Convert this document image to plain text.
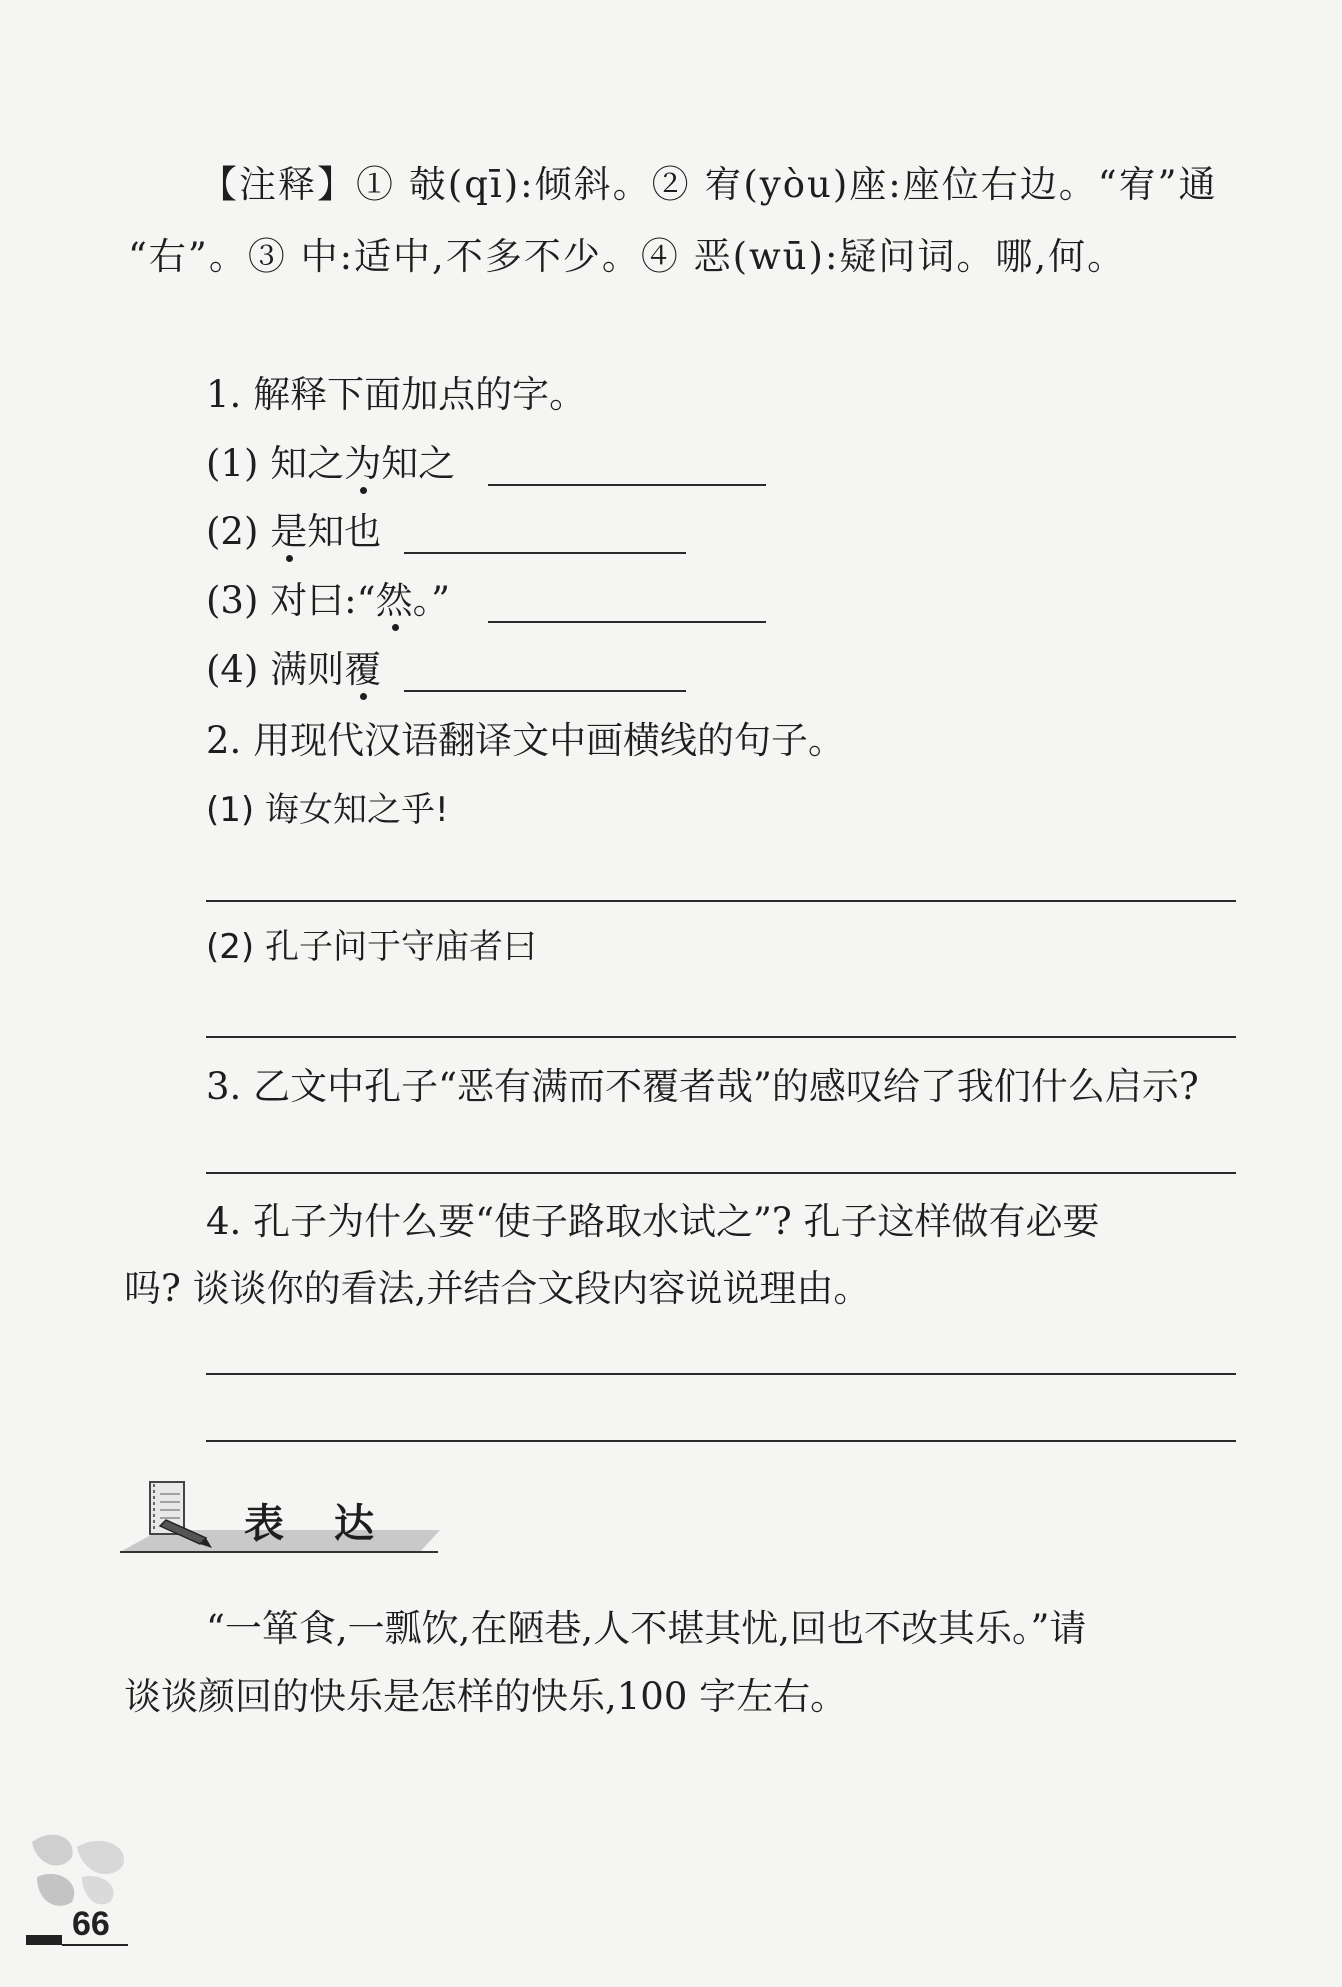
【注释】① 攲(qī):倾斜。② 宥(yòu)座:座位右边。“宥”通
“右”。③ 中:适中,不多不少。④ 恶(wū):疑问词。哪,何。
1. 解释下面加点的字。
(1) 知之为
知之
(2) 是
知也
(3) 对曰:“然
。”
(4) 满则覆
2. 用现代汉语翻译文中画横线的句子。
(1) 诲女知之乎!
(2) 孔子问于守庙者曰
3. 乙文中孔子“恶有满而不覆者哉”的感叹给了我们什么启示?
4. 孔子为什么要“使子路取水试之”? 孔子这样做有必要
吗? 谈谈你的看法,并结合文段内容说说理由。
表达
“一箪食,一瓢饮,在陋巷,人不堪其忧,回也不改其乐。”请
谈谈颜回的快乐是怎样的快乐,100 字左右。
66
